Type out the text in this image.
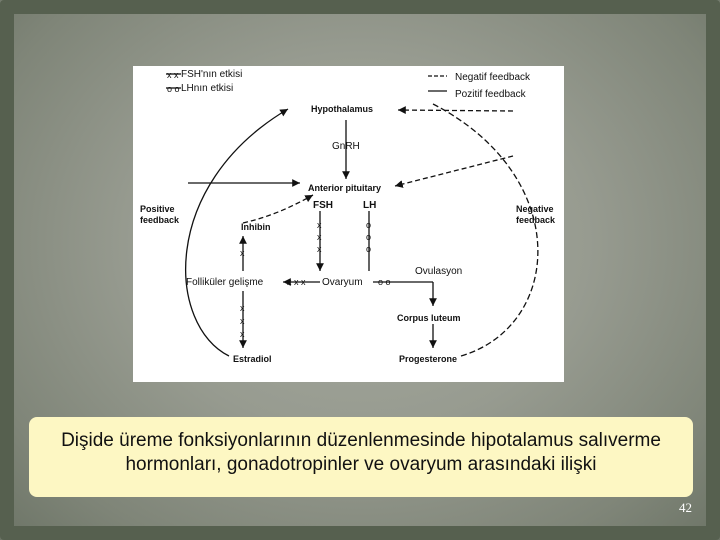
x x
o o
x
x
x
o
o
o
x x x	o o
x
x
x
x
FSH'nın etkisi
LHnın etkisi
Negatif feedback
Pozitif feedback
Hypothalamus
GnRH
Anterior pituitary
FSH	LH
Positive
feedback
Negative
feedback
Inhibin
Folliküler gelişme	Ovaryum
Ovulasyon
Corpus luteum
Estradiol	Progesterone
Dişide üreme fonksiyonlarının düzenlenmesinde hipotalamus salıverme hormonları, gonadotropinler ve ovaryum arasındaki ilişki
42
